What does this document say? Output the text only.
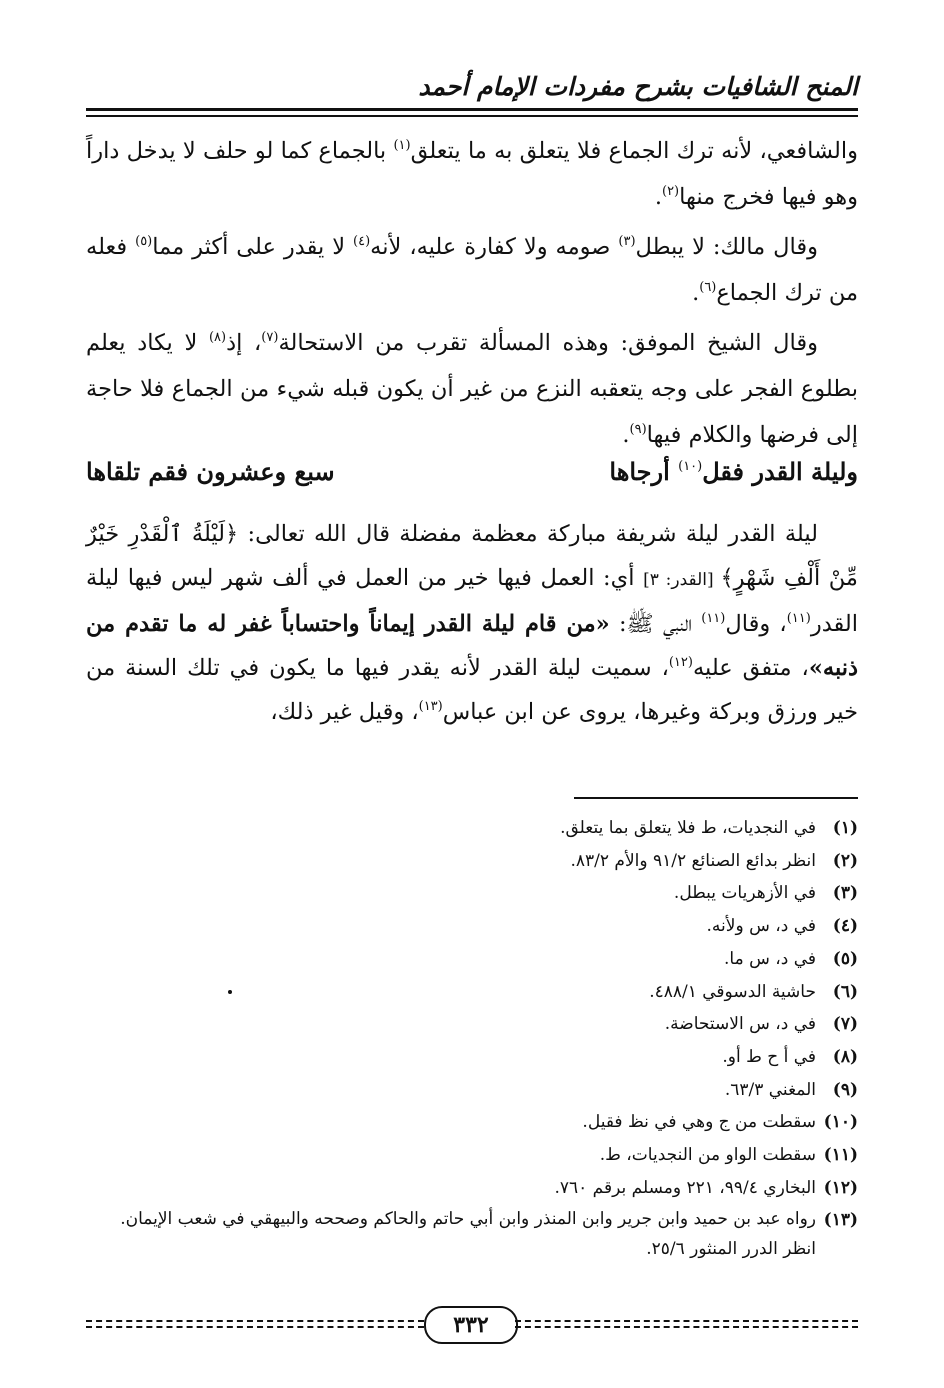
المنح الشافيات بشرح مفردات الإمام أحمد

والشافعي، لأنه ترك الجماع فلا يتعلق به ما يتعلق$^{(١)}$ بالجماع كما لو حلف لا يدخل داراً وهو فيها فخرج منها$^{(٢)}$.

وقال مالك: لا يبطل$^{(٣)}$ صومه ولا كفارة عليه، لأنه$^{(٤)}$ لا يقدر على أكثر مما$^{(٥)}$ فعله من ترك الجماع$^{(٦)}$.

وقال الشيخ الموفق: وهذه المسألة تقرب من الاستحالة$^{(٧)}$، إذ$^{(٨)}$ لا يكاد يعلم بطلوع الفجر على وجه يتعقبه النزع من غير أن يكون قبله شيء من الجماع فلا حاجة إلى فرضها والكلام فيها$^{(٩)}$.

وليلة القدر فقل$^{(١٠)}$ أرجاها
سبع وعشرون فقم تلقاها

ليلة القدر ليلة شريفة مباركة معظمة مفضلة قال الله تعالى: ﴿لَيْلَةُ ٱلْقَدْرِ خَيْرٌ مِّنْ أَلْفِ شَهْرٍ﴾ [القدر: ٣] أي: العمل فيها خير من العمل في ألف شهر ليس فيها ليلة القدر$^{(١١)}$، وقال$^{(١١)}$ النبي ﷺ: «من قام ليلة القدر إيماناً واحتساباً غفر له ما تقدم من ذنبه»، متفق عليه$^{(١٢)}$، سميت ليلة القدر لأنه يقدر فيها ما يكون في تلك السنة من خير ورزق وبركة وغيرها، يروى عن ابن عباس$^{(١٣)}$، وقيل غير ذلك،

(١)
في النجديات، ط فلا يتعلق بما يتعلق.
(٢)
انظر بدائع الصنائع ٩١/٢ والأم ٨٣/٢.
(٣)
في الأزهريات يبطل.
(٤)
في د، س ولأنه.
(٥)
في د، س ما.
(٦)
حاشية الدسوقي ٤٨٨/١.
(٧)
في د، س الاستحاضة.
(٨)
في أ ح ط أو.
(٩)
المغني ٦٣/٣.
(١٠)
سقطت من ج وهي في نظ فقيل.
(١١)
سقطت الواو من النجديات، ط.
(١٢)
البخاري ٩٩/٤، ٢٢١ ومسلم برقم ٧٦٠.
(١٣)
رواه عبد بن حميد وابن جرير وابن المنذر وابن أبي حاتم والحاكم وصححه والبيهقي في شعب الإيمان. انظر الدرر المنثور ٢٥/٦.
٣٣٢
